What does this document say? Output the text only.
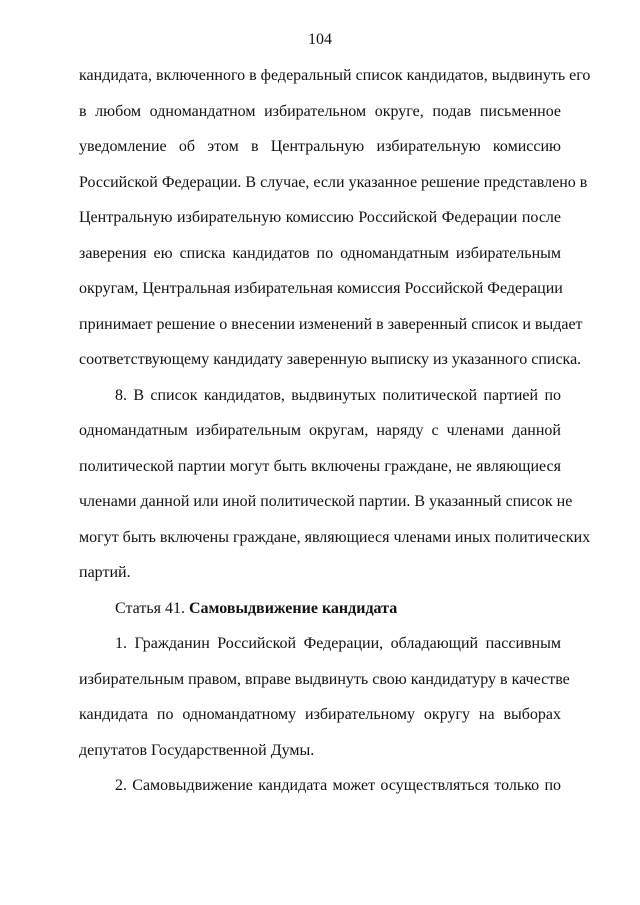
104
кандидата, включенного в федеральный список кандидатов, выдвинуть его
в любом одномандатном избирательном округе, подав письменное
уведомление об этом в Центральную избирательную комиссию
Российской Федерации. В случае, если указанное решение представлено в
Центральную избирательную комиссию Российской Федерации после
заверения ею списка кандидатов по одномандатным избирательным
округам, Центральная избирательная комиссия Российской Федерации
принимает решение о внесении изменений в заверенный список и выдает
соответствующему кандидату заверенную выписку из указанного списка.
8. В список кандидатов, выдвинутых политической партией по
одномандатным избирательным округам, наряду с членами данной
политической партии могут быть включены граждане, не являющиеся
членами данной или иной политической партии. В указанный список не
могут быть включены граждане, являющиеся членами иных политических
партий.
Статья 41. Самовыдвижение кандидата
1. Гражданин Российской Федерации, обладающий пассивным
избирательным правом, вправе выдвинуть свою кандидатуру в качестве
кандидата по одномандатному избирательному округу на выборах
депутатов Государственной Думы.
2. Самовыдвижение кандидата может осуществляться только по
